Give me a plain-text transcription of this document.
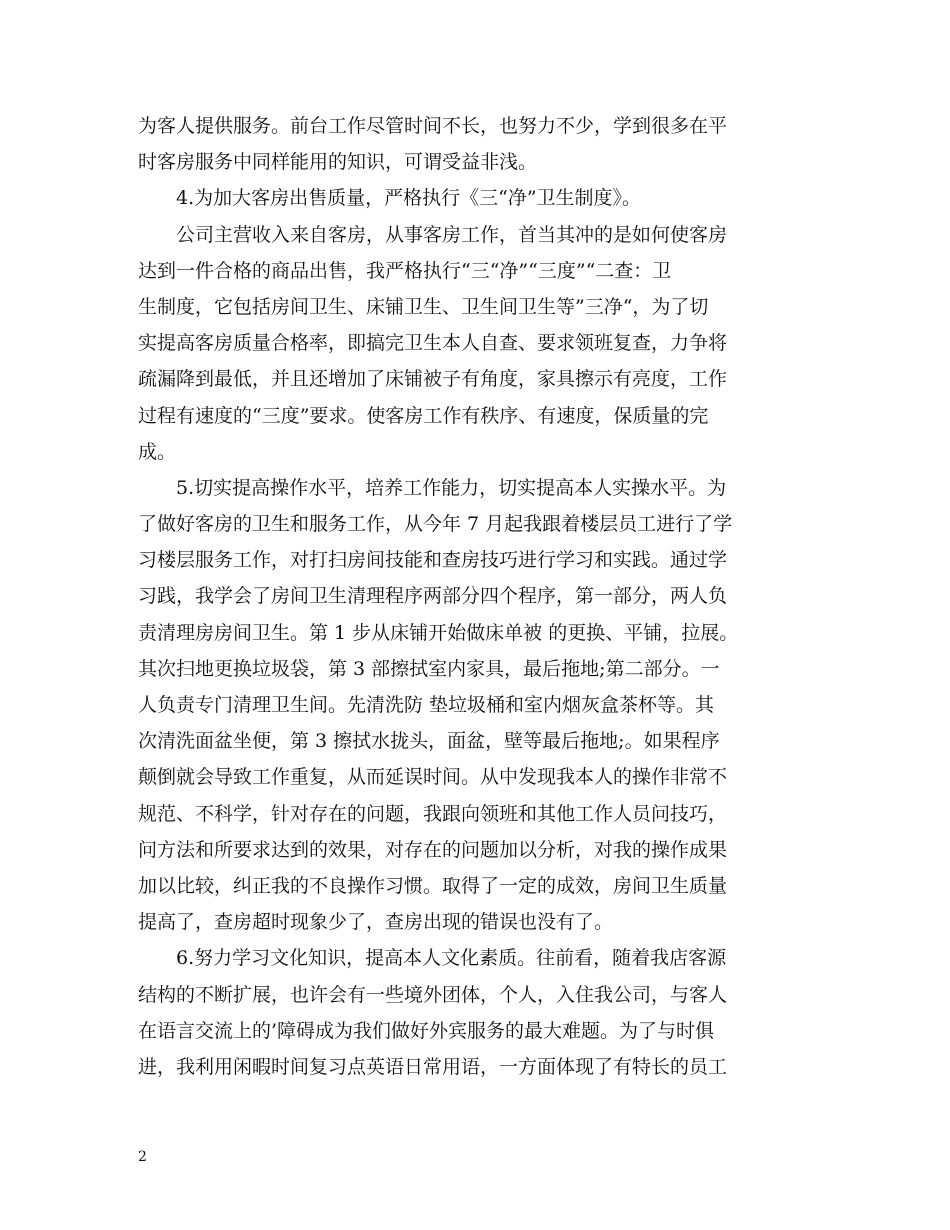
为客人提供服务。前台工作尽管时间不长，也努力不少，学到很多在平
时客房服务中同样能用的知识，可谓受益非浅。
4.为加大客房出售质量，严格执行《三“净”卫生制度》。
公司主营收入来自客房，从事客房工作，首当其冲的是如何使客房
达到一件合格的商品出售，我严格执行“三“净”“三度”“二查：卫
生制度，它包括房间卫生、床铺卫生、卫生间卫生等”三净“，为了切
实提高客房质量合格率，即搞完卫生本人自查、要求领班复查，力争将
疏漏降到最低，并且还增加了床铺被子有角度，家具擦示有亮度，工作
过程有速度的“三度”要求。使客房工作有秩序、有速度，保质量的完
成。
5.切实提高操作水平，培养工作能力，切实提高本人实操水平。为
了做好客房的卫生和服务工作，从今年 7 月起我跟着楼层员工进行了学
习楼层服务工作，对打扫房间技能和查房技巧进行学习和实践。通过学
习践，我学会了房间卫生清理程序两部分四个程序，第一部分，两人负
责清理房房间卫生。第 1 步从床铺开始做床单被 的更换、平铺，拉展。
其次扫地更换垃圾袋，第 3 部擦拭室内家具，最后拖地;第二部分。一
人负责专门清理卫生间。先清洗防 垫垃圾桶和室内烟灰盒茶杯等。其
次清洗面盆坐便，第 3 擦拭水拢头，面盆，壁等最后拖地;。如果程序
颠倒就会导致工作重复，从而延误时间。从中发现我本人的操作非常不
规范、不科学，针对存在的问题，我跟向领班和其他工作人员问技巧，
问方法和所要求达到的效果，对存在的问题加以分析，对我的操作成果
加以比较，纠正我的不良操作习惯。取得了一定的成效，房间卫生质量
提高了，查房超时现象少了，查房出现的错误也没有了。
6.努力学习文化知识，提高本人文化素质。往前看，随着我店客源
结构的不断扩展，也许会有一些境外团体，个人，入住我公司，与客人
在语言交流上的’障碍成为我们做好外宾服务的最大难题。为了与时俱
进，我利用闲暇时间复习点英语日常用语，一方面体现了有特长的员工
2
